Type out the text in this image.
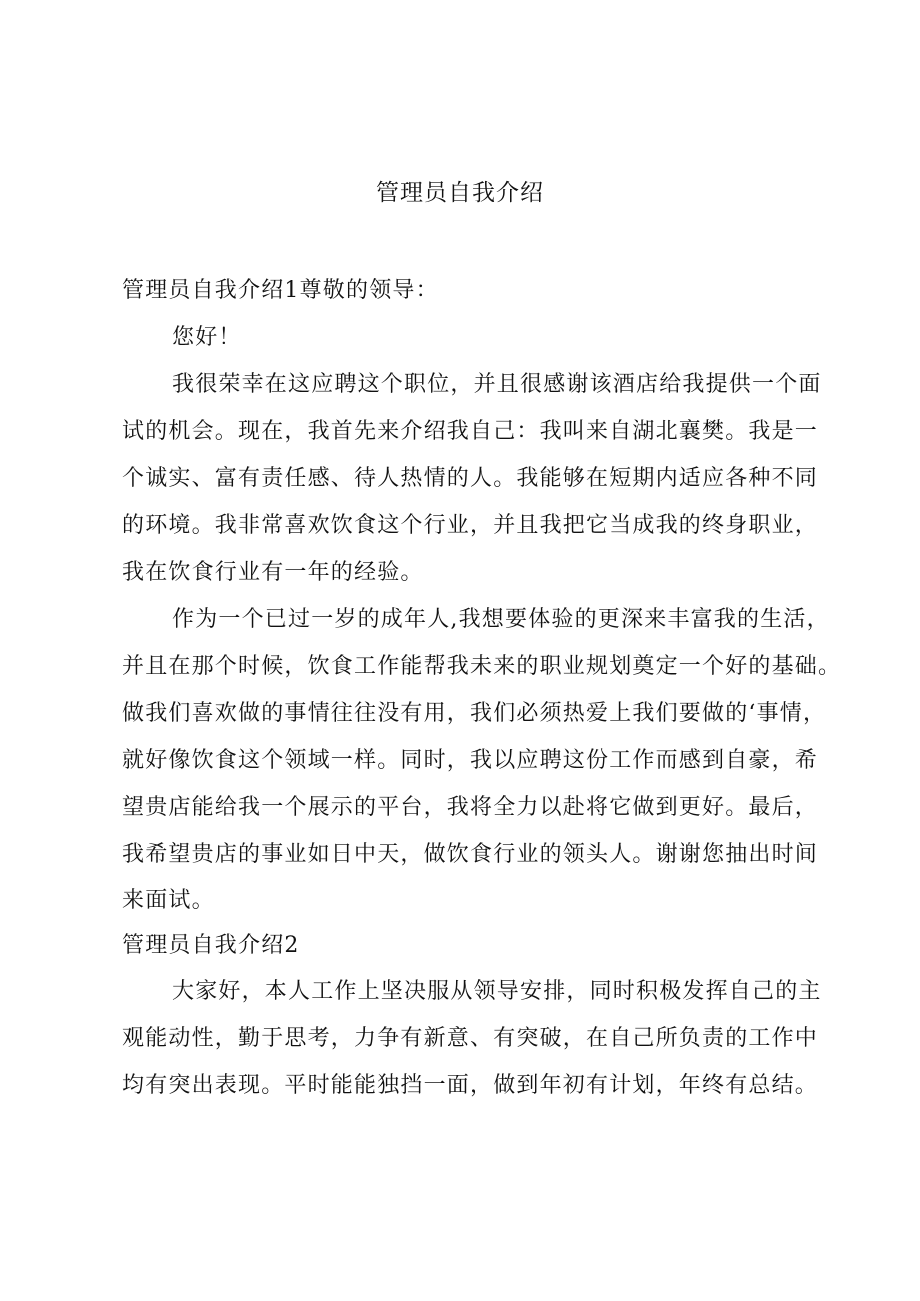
管理员自我介绍

管理员自我介绍1尊敬的领导：

您好！

我很荣幸在这应聘这个职位，并且很感谢该酒店给我提供一个面

试的机会。现在，我首先来介绍我自己：我叫来自湖北襄樊。我是一

个诚实、富有责任感、待人热情的人。我能够在短期内适应各种不同

的环境。我非常喜欢饮食这个行业，并且我把它当成我的终身职业，

我在饮食行业有一年的经验。

作为一个已过一岁的成年人,我想要体验的更深来丰富我的生活，

并且在那个时候，饮食工作能帮我未来的职业规划奠定一个好的基础。

做我们喜欢做的事情往往没有用，我们必须热爱上我们要做的‘事情，

就好像饮食这个领域一样。同时，我以应聘这份工作而感到自豪，希

望贵店能给我一个展示的平台，我将全力以赴将它做到更好。最后，

我希望贵店的事业如日中天，做饮食行业的领头人。谢谢您抽出时间

来面试。

管理员自我介绍2

大家好，本人工作上坚决服从领导安排，同时积极发挥自己的主

观能动性，勤于思考，力争有新意、有突破，在自己所负责的工作中

均有突出表现。平时能能独挡一面，做到年初有计划，年终有总结。
